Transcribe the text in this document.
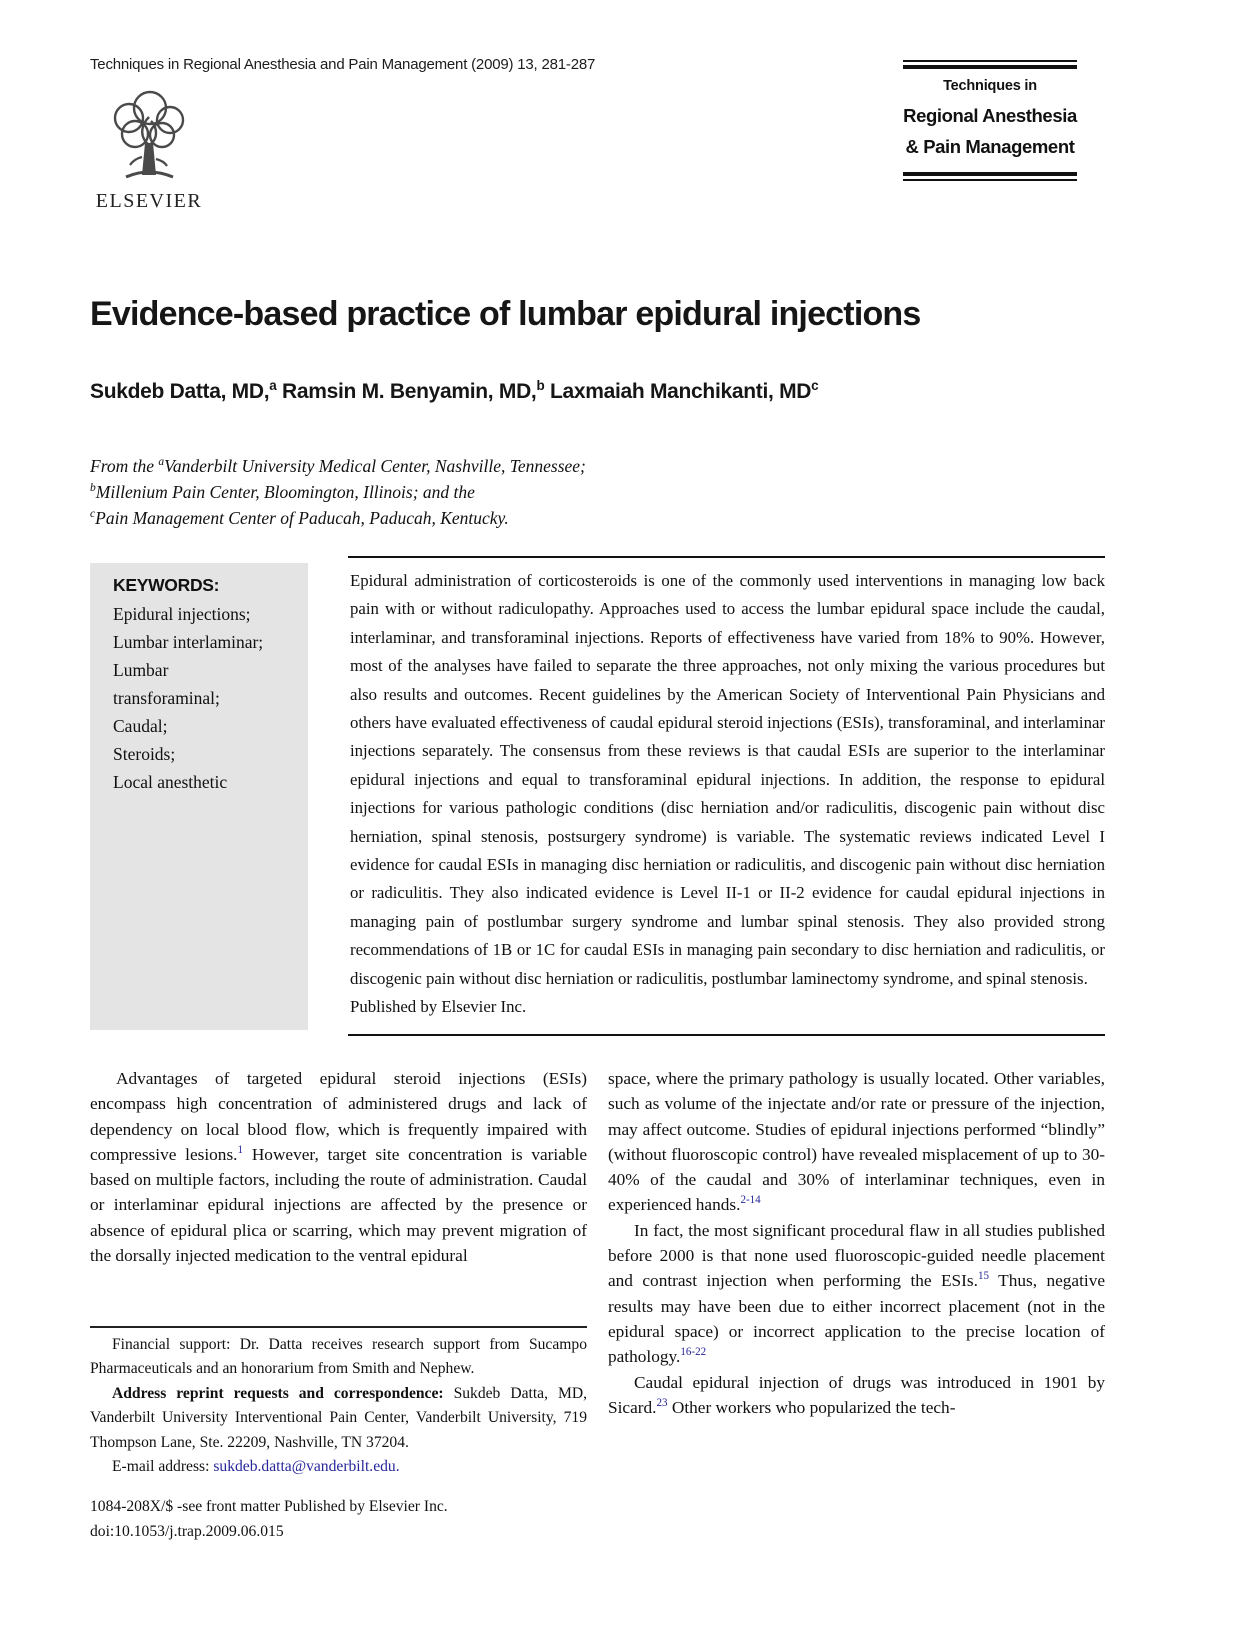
Techniques in Regional Anesthesia and Pain Management (2009) 13, 281-287
ELSEVIER
Techniques in
Regional Anesthesia
& Pain Management
Evidence-based practice of lumbar epidural injections
Sukdeb Datta, MD,$^a$ Ramsin M. Benyamin, MD,$^b$ Laxmaiah Manchikanti, $MD^c$
From the $^a$Vanderbilt University Medical Center, Nashville, Tennessee;
$^b$Millenium Pain Center, Bloomington, Illinois; and the
$^c$Pain Management Center of Paducah, Paducah, Kentucky.
KEYWORDS:
Epidural injections;
Lumbar interlaminar;
Lumbar
transforaminal;
Caudal;
Steroids;
Local anesthetic
Epidural administration of corticosteroids is one of the commonly used interventions in managing low back pain with or without radiculopathy. Approaches used to access the lumbar epidural space include the caudal, interlaminar, and transforaminal injections. Reports of effectiveness have varied from 18% to 90%. However, most of the analyses have failed to separate the three approaches, not only mixing the various procedures but also results and outcomes. Recent guidelines by the American Society of Interventional Pain Physicians and others have evaluated effectiveness of caudal epidural steroid injections (ESIs), transforaminal, and interlaminar injections separately. The consensus from these reviews is that caudal ESIs are superior to the interlaminar epidural injections and equal to transforaminal epidural injections. In addition, the response to epidural injections for various pathologic conditions (disc herniation and/or radiculitis, discogenic pain without disc herniation, spinal stenosis, postsurgery syndrome) is variable. The systematic reviews indicated Level I evidence for caudal ESIs in managing disc herniation or radiculitis, and discogenic pain without disc herniation or radiculitis. They also indicated evidence is Level II-1 or II-2 evidence for caudal epidural injections in managing pain of postlumbar surgery syndrome and lumbar spinal stenosis. They also provided strong recommendations of 1B or 1C for caudal ESIs in managing pain secondary to disc herniation and radiculitis, or discogenic pain without disc herniation or radiculitis, postlumbar laminectomy syndrome, and spinal stenosis.
Published by Elsevier Inc.

Advantages of targeted epidural steroid injections (ESIs) encompass high concentration of administered drugs and lack of dependency on local blood flow, which is frequently impaired with compressive lesions.$^1$ However, target site concentration is variable based on multiple factors, including the route of administration. Caudal or interlaminar epidural injections are affected by the presence or absence of epidural plica or scarring, which may prevent migration of the dorsally injected medication to the ventral epidural

space, where the primary pathology is usually located. Other variables, such as volume of the injectate and/or rate or pressure of the injection, may affect outcome. Studies of epidural injections performed “blindly” (without fluoroscopic control) have revealed misplacement of up to 30-40% of the caudal and 30% of interlaminar techniques, even in experienced hands.$^{2-14}$

In fact, the most significant procedural flaw in all studies published before 2000 is that none used fluoroscopic-guided needle placement and contrast injection when performing the ESIs.$^{15}$ Thus, negative results may have been due to either incorrect placement (not in the epidural space) or incorrect application to the precise location of pathology.$^{16-22}$

Caudal epidural injection of drugs was introduced in 1901 by Sicard.$^{23}$ Other workers who popularized the tech-

Financial support: Dr. Datta receives research support from Sucampo Pharmaceuticals and an honorarium from Smith and Nephew.

Address reprint requests and correspondence: Sukdeb Datta, MD, Vanderbilt University Interventional Pain Center, Vanderbilt University, 719 Thompson Lane, Ste. 22209, Nashville, TN 37204.

E-mail address: sukdeb.datta@vanderbilt.edu.

1084-208X/$ -see front matter Published by Elsevier Inc.
doi:10.1053/j.trap.2009.06.015
